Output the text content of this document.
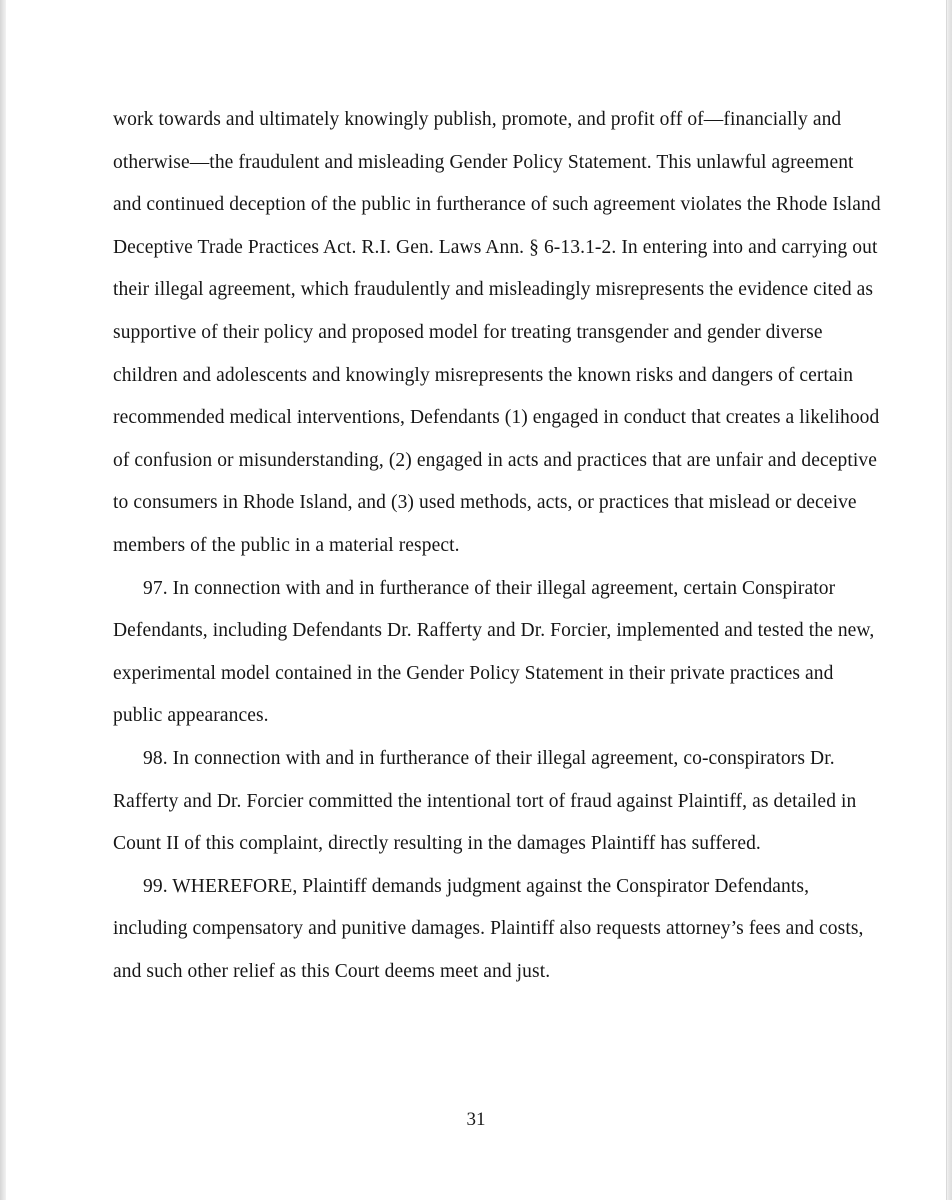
work towards and ultimately knowingly publish, promote, and profit off of—financially and
otherwise—the fraudulent and misleading Gender Policy Statement. This unlawful agreement
and continued deception of the public in furtherance of such agreement violates the Rhode Island
Deceptive Trade Practices Act. R.I. Gen. Laws Ann. § 6-13.1-2. In entering into and carrying out
their illegal agreement, which fraudulently and misleadingly misrepresents the evidence cited as
supportive of their policy and proposed model for treating transgender and gender diverse
children and adolescents and knowingly misrepresents the known risks and dangers of certain
recommended medical interventions, Defendants (1) engaged in conduct that creates a likelihood
of confusion or misunderstanding, (2) engaged in acts and practices that are unfair and deceptive
to consumers in Rhode Island, and (3) used methods, acts, or practices that mislead or deceive
members of the public in a material respect.
97. In connection with and in furtherance of their illegal agreement, certain Conspirator
Defendants, including Defendants Dr. Rafferty and Dr. Forcier, implemented and tested the new,
experimental model contained in the Gender Policy Statement in their private practices and
public appearances.
98. In connection with and in furtherance of their illegal agreement, co-conspirators Dr.
Rafferty and Dr. Forcier committed the intentional tort of fraud against Plaintiff, as detailed in
Count II of this complaint, directly resulting in the damages Plaintiff has suffered.
99. WHEREFORE, Plaintiff demands judgment against the Conspirator Defendants,
including compensatory and punitive damages. Plaintiff also requests attorney’s fees and costs,
and such other relief as this Court deems meet and just.
31
